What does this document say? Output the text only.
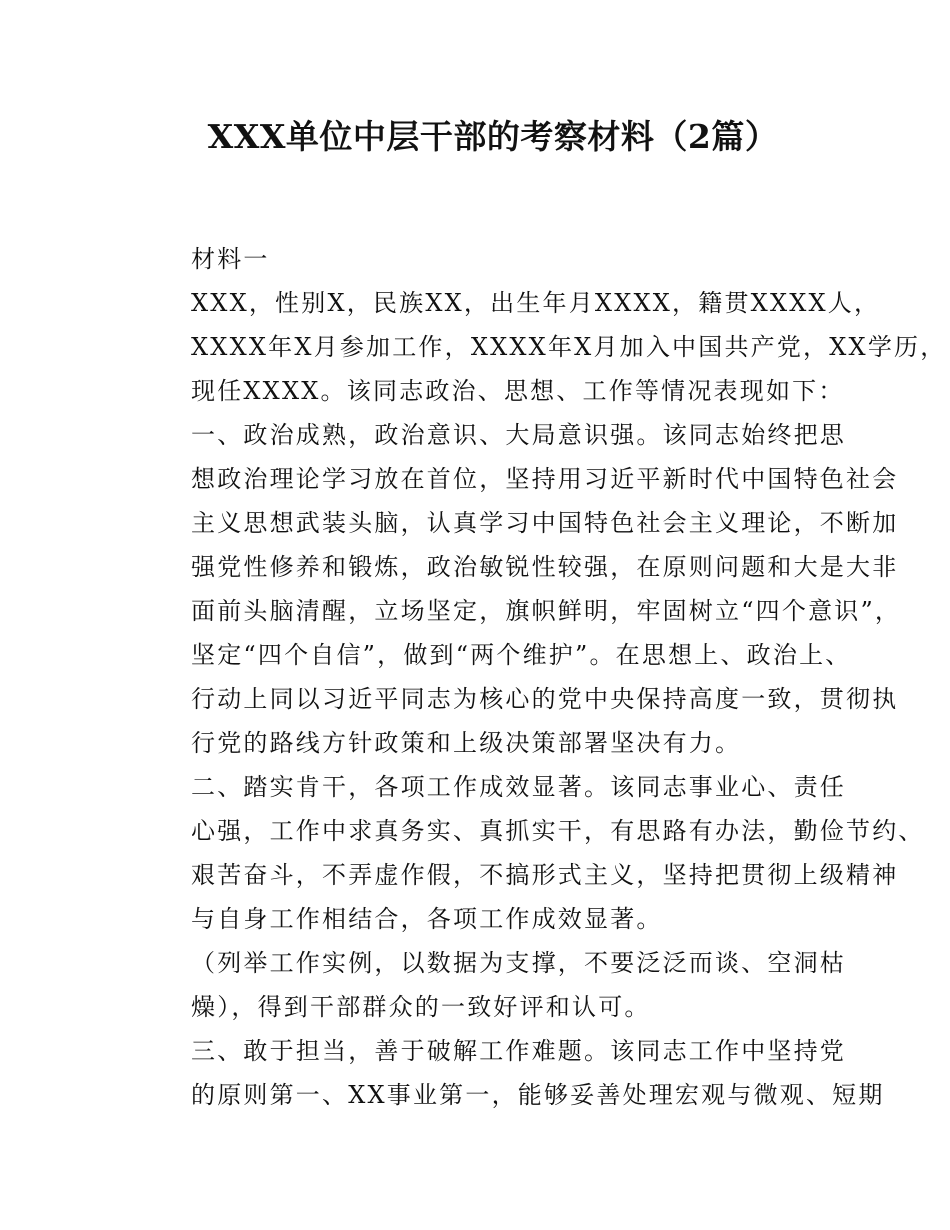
XXX单位中层干部的考察材料（2篇）

材料一

XXX，性别X，民族XX，出生年月XXXX，籍贯XXXX人，
XXXX年X月参加工作，XXXX年X月加入中国共产党，XX学历，
现任XXXX。该同志政治、思想、工作等情况表现如下：

一、政治成熟，政治意识、大局意识强。该同志始终把思
想政治理论学习放在首位，坚持用习近平新时代中国特色社会
主义思想武装头脑，认真学习中国特色社会主义理论，不断加
强党性修养和锻炼，政治敏锐性较强，在原则问题和大是大非
面前头脑清醒，立场坚定，旗帜鲜明，牢固树立“四个意识”，
坚定“四个自信”，做到“两个维护”。在思想上、政治上、
行动上同以习近平同志为核心的党中央保持高度一致，贯彻执
行党的路线方针政策和上级决策部署坚决有力。

二、踏实肯干，各项工作成效显著。该同志事业心、责任
心强，工作中求真务实、真抓实干，有思路有办法，勤俭节约、
艰苦奋斗，不弄虚作假，不搞形式主义，坚持把贯彻上级精神
与自身工作相结合，各项工作成效显著。

（列举工作实例，以数据为支撑，不要泛泛而谈、空洞枯
燥），得到干部群众的一致好评和认可。

三、敢于担当，善于破解工作难题。该同志工作中坚持党
的原则第一、XX事业第一，能够妥善处理宏观与微观、短期
